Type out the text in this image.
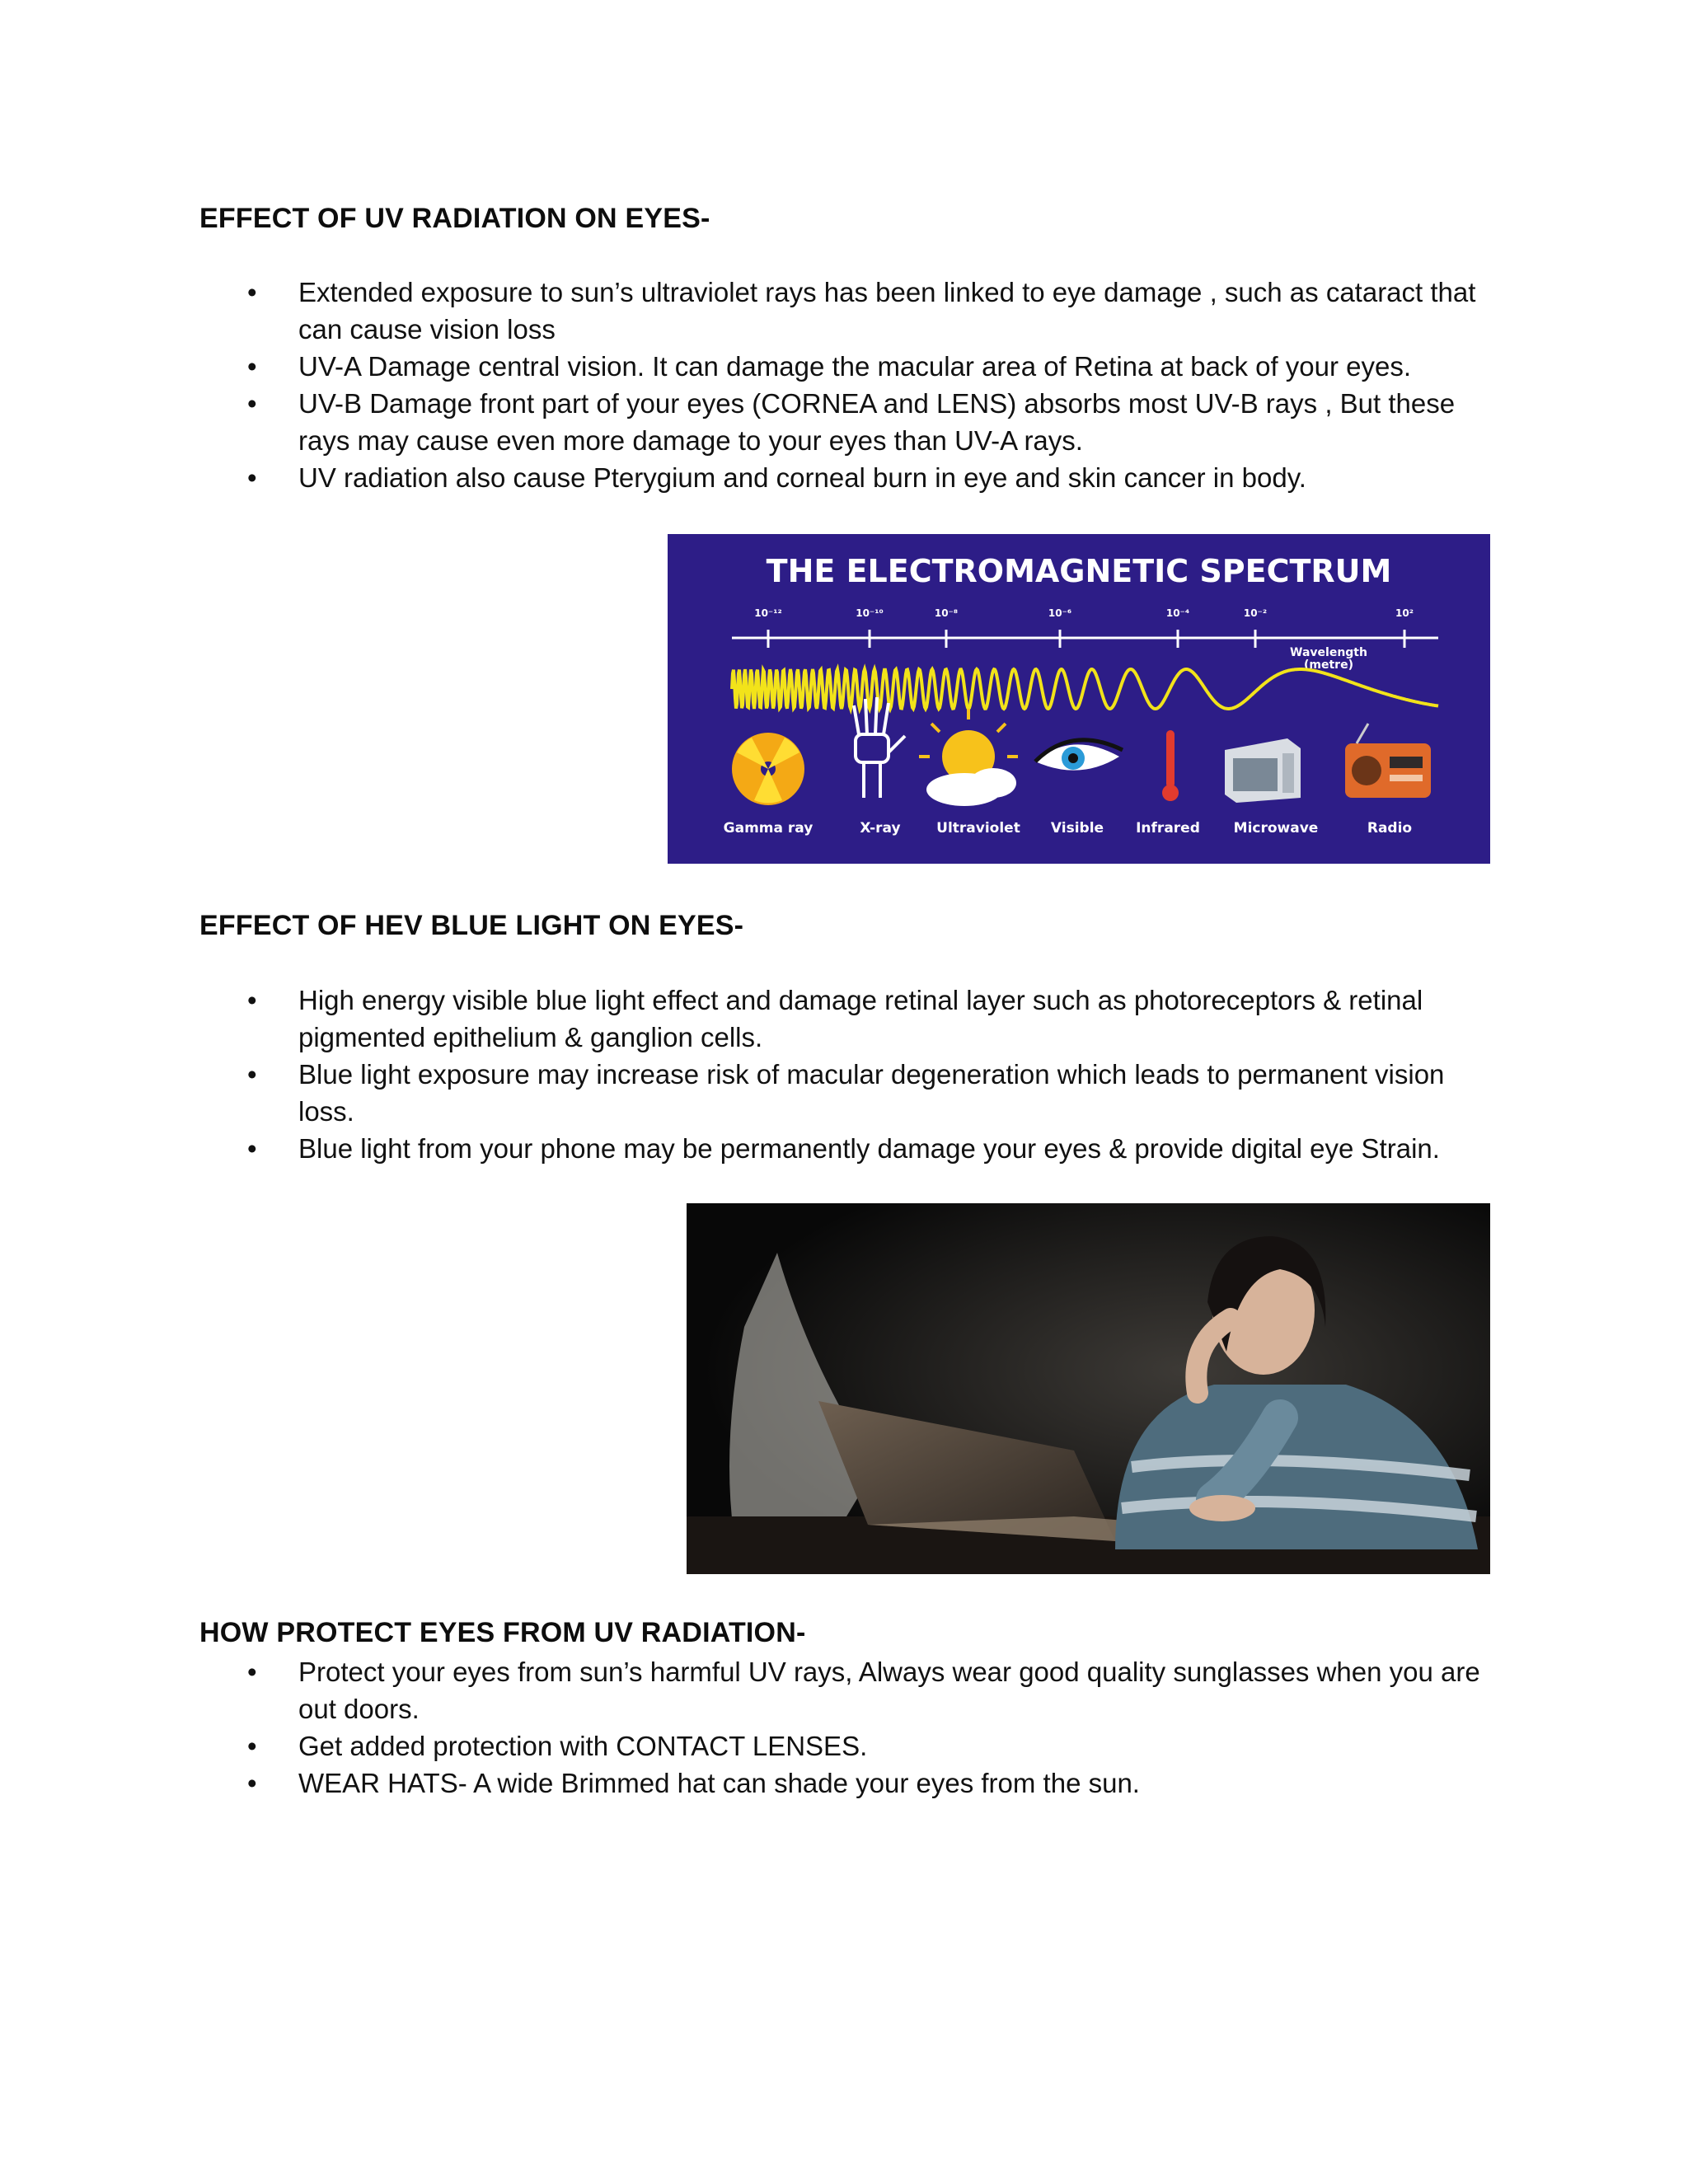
EFFECT OF UV RADIATION ON EYES-
• Extended exposure to sun’s ultraviolet rays has been linked to eye damage , such as cataract that can cause vision loss
• UV-A Damage central vision. It can damage the macular area of Retina at back of your eyes.
• UV-B Damage front part of your eyes (CORNEA and LENS) absorbs most UV-B rays , But these rays may cause even more damage to your eyes than UV-A rays.
• UV radiation also cause Pterygium and corneal burn in eye and skin cancer in body.
THE ELECTROMAGNETIC SPECTRUM
10⁻¹²	10⁻¹⁰	10⁻⁸	10⁻⁶	10⁻⁴	10⁻²	10²
Wavelength
(metre)
Gamma ray	X-ray	Ultraviolet Visible Infrared Microwave	Radio
EFFECT OF HEV BLUE LIGHT ON EYES-
• High energy visible blue light effect and damage retinal layer such as photoreceptors & retinal pigmented epithelium & ganglion cells.
• Blue light exposure may increase risk of macular degeneration which leads to permanent vision loss.
• Blue light from your phone may be permanently damage your eyes & provide digital eye Strain.
HOW PROTECT EYES FROM UV RADIATION-
• Protect your eyes from sun’s harmful UV rays, Always wear good quality sunglasses when you are out doors.
• Get added protection with CONTACT LENSES.
• WEAR HATS- A wide Brimmed hat can shade your eyes from the sun.
